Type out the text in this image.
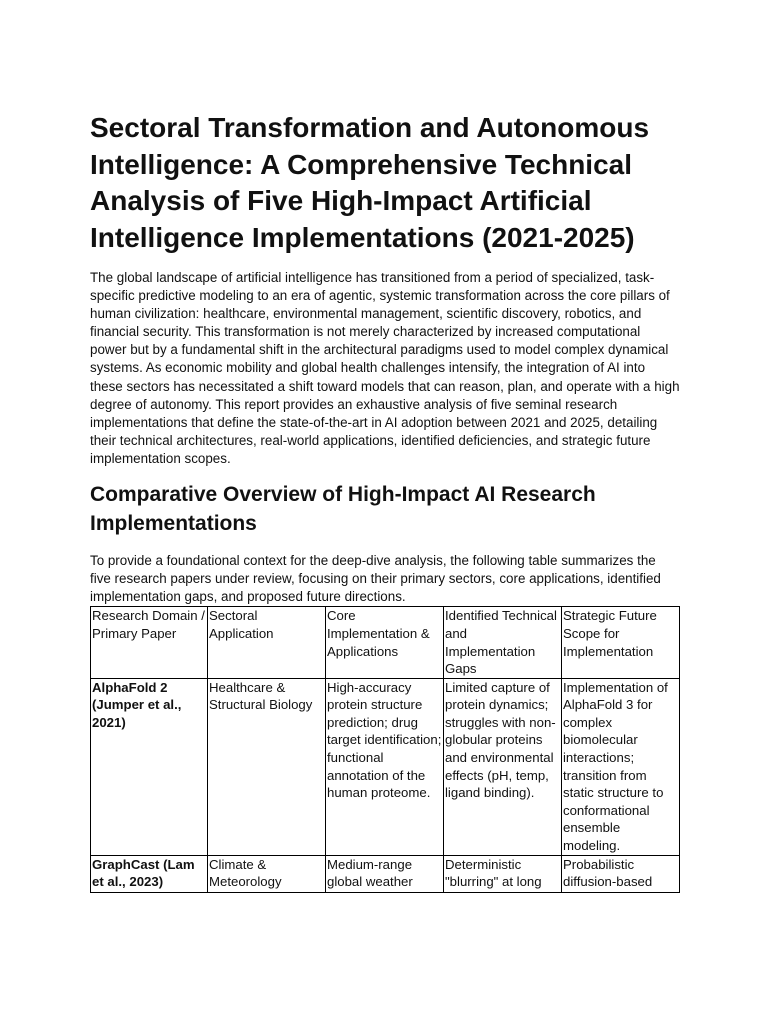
Sectoral Transformation and Autonomous Intelligence: A Comprehensive Technical Analysis of Five High-Impact Artificial Intelligence Implementations (2021-2025)

The global landscape of artificial intelligence has transitioned from a period of specialized, task-specific predictive modeling to an era of agentic, systemic transformation across the core pillars of human civilization: healthcare, environmental management, scientific discovery, robotics, and financial security. This transformation is not merely characterized by increased computational power but by a fundamental shift in the architectural paradigms used to model complex dynamical systems. As economic mobility and global health challenges intensify, the integration of AI into these sectors has necessitated a shift toward models that can reason, plan, and operate with a high degree of autonomy. This report provides an exhaustive analysis of five seminal research implementations that define the state-of-the-art in AI adoption between 2021 and 2025, detailing their technical architectures, real-world applications, identified deficiencies, and strategic future implementation scopes.

Comparative Overview of High-Impact AI Research Implementations

To provide a foundational context for the deep-dive analysis, the following table summarizes the five research papers under review, focusing on their primary sectors, core applications, identified implementation gaps, and proposed future directions.

Research Domain / Primary Paper	Sectoral Application	Core Implementation & Applications	Identified Technical and Implementation Gaps	Strategic Future Scope for Implementation
AlphaFold 2 (Jumper et al., 2021)	Healthcare & Structural Biology	High-accuracy protein structure prediction; drug target identification; functional annotation of the human proteome.	Limited capture of protein dynamics; struggles with non-globular proteins and environmental effects (pH, temp, ligand binding).	Implementation of AlphaFold 3 for complex biomolecular interactions; transition from static structure to conformational ensemble modeling.

GraphCast (Lam et al., 2023)	Climate & Meteorology	Medium-range global weather	Deterministic "blurring" at long	Probabilistic diffusion-based
